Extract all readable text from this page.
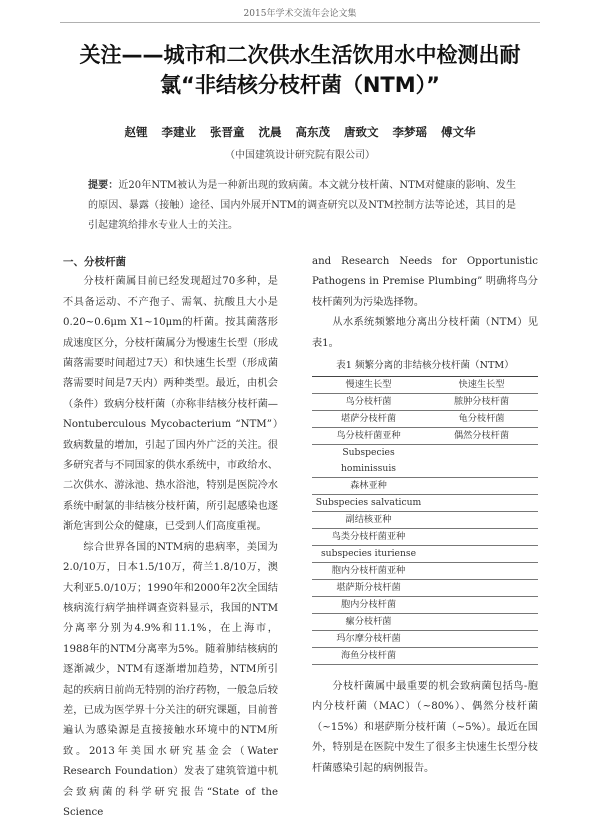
2015年学术交流年会论文集
关注——城市和二次供水生活饮用水中检测出耐
氯“非结核分枝杆菌（NTM）”
赵锂 李建业 张晋童 沈晨 高东茂 唐致文 李梦瑶 傅文华
（中国建筑设计研究院有限公司）
提要：近20年NTM被认为是一种新出现的致病菌。本文就分枝杆菌、NTM对健康的影响、发生的原因、暴露（接触）途径、国内外展开NTM的调查研究以及NTM控制方法等论述，其目的是引起建筑给排水专业人士的关注。
一、分枝杆菌

分枝杆菌属目前已经发现超过70多种，是不具备运动、不产孢子、需氧、抗酸且大小是0.20~0.6μm X1~10μm的杆菌。按其菌落形成速度区分，分枝杆菌属分为慢速生长型（形成菌落需要时间超过7天）和快速生长型（形成菌落需要时间是7天内）两种类型。最近，由机会（条件）致病分枝杆菌（亦称非结核分枝杆菌—Nontuberculous Mycobacterium “NTM”）致病数量的增加，引起了国内外广泛的关注。很多研究者与不同国家的供水系统中，市政给水、二次供水、游泳池、热水浴池，特别是医院冷水系统中耐氯的非结核分枝杆菌，所引起感染也逐渐危害到公众的健康，已受到人们高度重视。

综合世界各国的NTM病的患病率，美国为2.0/10万，日本1.5/10万，荷兰1.8/10万，澳大利亚5.0/10万；1990年和2000年2次全国结核病流行病学抽样调查资料显示，我国的NTM分离率分别为4.9%和11.1%，在上海市，1988年的NTM分离率为5%。随着肺结核病的逐渐减少，NTM有逐渐增加趋势，NTM所引起的疾病日前尚无特别的治疗药物，一般急后较差，已成为医学界十分关注的研究课题，目前普遍认为感染源是直接接触水环境中的NTM所致。2013年美国水研究基金会（Water Research Foundation）发表了建筑管道中机会致病菌的科学研究报告“State of the Science

and Research Needs for Opportunistic Pathogens in Premise Plumbing” 明确将鸟分枝杆菌列为污染选择物。

从水系统频繁地分离出分枝杆菌（NTM）见表1。

表1 频繁分离的非结核分枝杆菌（NTM）
慢速生长型	快速生长型
鸟分枝杆菌	脓肿分枝杆菌
堪萨分枝杆菌	龟分枝杆菌
鸟分枝杆菌亚种	偶然分枝杆菌
Subspecies hominissuis	
森林亚种	
Subspecies salvaticum	
副结核亚种	
鸟类分枝杆菌亚种	
subspecies ituriense	
胞内分枝杆菌亚种	
堪萨斯分枝杆菌	
胞内分枝杆菌	
瘰分枝杆菌	
玛尔摩分枝杆菌	
海鱼分枝杆菌	

分枝杆菌属中最重要的机会致病菌包括鸟-胞内分枝杆菌（MAC）（~80%）、偶然分枝杆菌（~15%）和堪萨斯分枝杆菌（~5%）。最近在国外，特别是在医院中发生了很多主快速生长型分枝杆菌感染引起的病例报告。
